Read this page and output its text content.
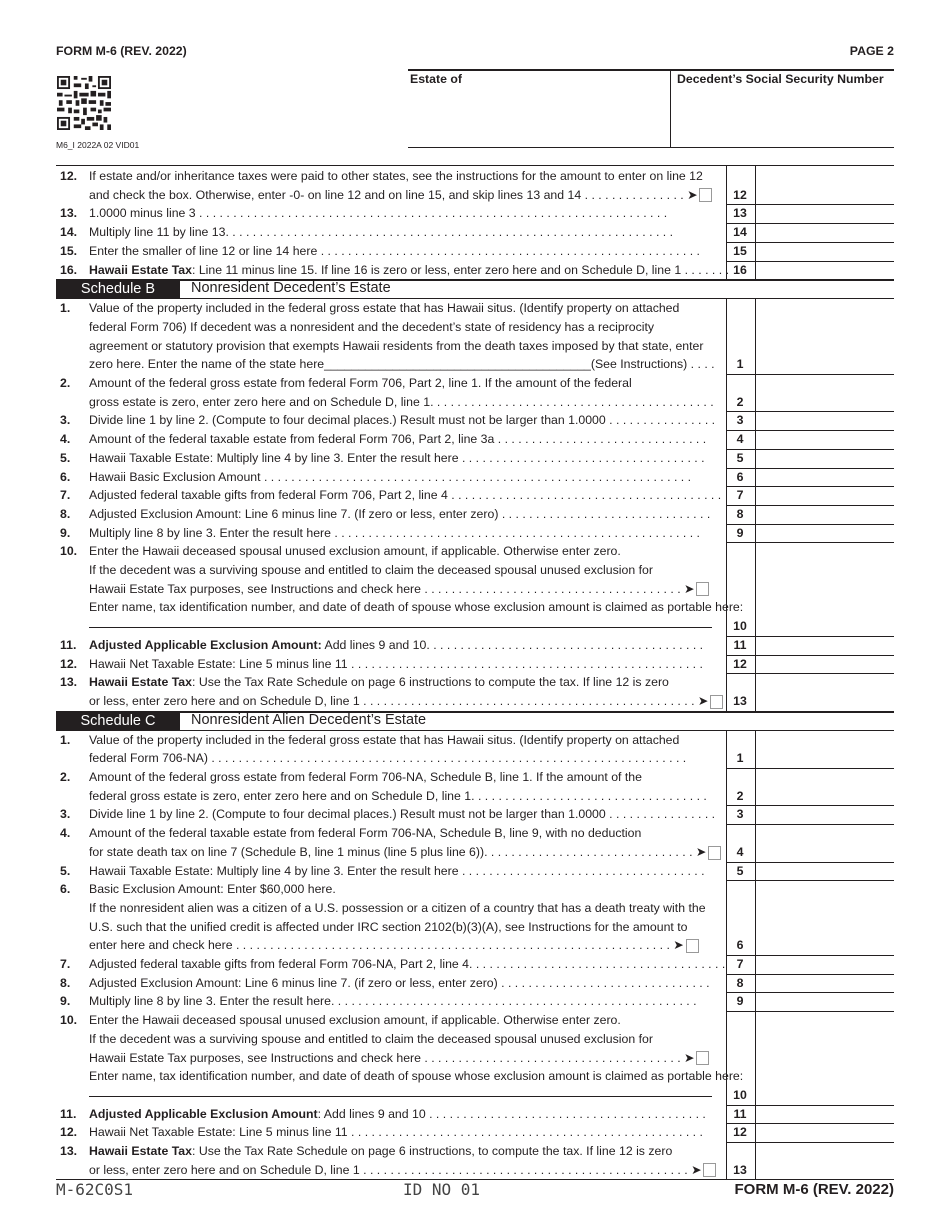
FORM M-6 (REV. 2022)	PAGE 2
M6_I 2022A 02 VID01
Estate of	Decedent’s Social Security Number
12. If estate and/or inheritance taxes were paid to other states, see the instructions for the amount to enter on line 12
and check the box. Otherwise, enter -0- on line 12 and on line 15, and skip lines 13 and 14 . . . . . . . . . . . . . . . ➤	12
13. 1.0000 minus line 3 . . . . . . . . . . . . . . . . . . . . . . . . . . . . . . . . . . . . . . . . . . . . . . . . . . . . . . . . . . . . . . . . . . . . .	13
14. Multiply line 11 by line 13. . . . . . . . . . . . . . . . . . . . . . . . . . . . . . . . . . . . . . . . . . . . . . . . . . . . . . . . . . . . . . . . . .	14
15. Enter the smaller of line 12 or line 14 here . . . . . . . . . . . . . . . . . . . . . . . . . . . . . . . . . . . . . . . . . . . . . . . . . . . . . . . .	15
16. Hawaii Estate Tax: Line 11 minus line 15. If line 16 is zero or less, enter zero here and on Schedule D, line 1 . . . . . . . 16
Schedule B	Nonresident Decedent’s Estate
1. Value of the property included in the federal gross estate that has Hawaii situs. (Identify property on attached
federal Form 706) If decedent was a nonresident and the decedent’s state of residency has a reciprocity
agreement or statutory provision that exempts Hawaii residents from the death taxes imposed by that state, enter
zero here. Enter the name of the state here_______________________________________(See Instructions) . . . .	1
2. Amount of the federal gross estate from federal Form 706, Part 2, line 1. If the amount of the federal
gross estate is zero, enter zero here and on Schedule D, line 1. . . . . . . . . . . . . . . . . . . . . . . . . . . . . . . . . . . . . . . . . .	2
3. Divide line 1 by line 2. (Compute to four decimal places.) Result must not be larger than 1.0000 . . . . . . . . . . . . . . . .	3
4. Amount of the federal taxable estate from federal Form 706, Part 2, line 3a . . . . . . . . . . . . . . . . . . . . . . . . . . . . . . .	4
5. Hawaii Taxable Estate: Multiply line 4 by line 3. Enter the result here . . . . . . . . . . . . . . . . . . . . . . . . . . . . . . . . . . . .	5
6. Hawaii Basic Exclusion Amount . . . . . . . . . . . . . . . . . . . . . . . . . . . . . . . . . . . . . . . . . . . . . . . . . . . . . . . . . . . . . . .	6
7. Adjusted federal taxable gifts from federal Form 706, Part 2, line 4 . . . . . . . . . . . . . . . . . . . . . . . . . . . . . . . . . . . . . . . .	7
8. Adjusted Exclusion Amount: Line 6 minus line 7. (If zero or less, enter zero) . . . . . . . . . . . . . . . . . . . . . . . . . . . . . . .	8
9. Multiply line 8 by line 3. Enter the result here . . . . . . . . . . . . . . . . . . . . . . . . . . . . . . . . . . . . . . . . . . . . . . . . . . . . . .	9
10. Enter the Hawaii deceased spousal unused exclusion amount, if applicable. Otherwise enter zero.
If the decedent was a surviving spouse and entitled to claim the deceased spousal unused exclusion for
Hawaii Estate Tax purposes, see Instructions and check here . . . . . . . . . . . . . . . . . . . . . . . . . . . . . . . . . . . . . . ➤
Enter name, tax identification number, and date of death of spouse whose exclusion amount is claimed as portable here:
10
11. Adjusted Applicable Exclusion Amount: Add lines 9 and 10. . . . . . . . . . . . . . . . . . . . . . . . . . . . . . . . . . . . . . . . .	11
12. Hawaii Net Taxable Estate: Line 5 minus line 11 . . . . . . . . . . . . . . . . . . . . . . . . . . . . . . . . . . . . . . . . . . . . . . . . . . . .	12
13. Hawaii Estate Tax: Use the Tax Rate Schedule on page 6 instructions to compute the tax. If line 12 is zero
or less, enter zero here and on Schedule D, line 1 . . . . . . . . . . . . . . . . . . . . . . . . . . . . . . . . . . . . . . . . . . . . . . . . . ➤	13
Schedule C	Nonresident Alien Decedent’s Estate
1. Value of the property included in the federal gross estate that has Hawaii situs. (Identify property on attached
federal Form 706-NA) . . . . . . . . . . . . . . . . . . . . . . . . . . . . . . . . . . . . . . . . . . . . . . . . . . . . . . . . . . . . . . . . . . . . . .	1
2. Amount of the federal gross estate from federal Form 706-NA, Schedule B, line 1. If the amount of the
federal gross estate is zero, enter zero here and on Schedule D, line 1. . . . . . . . . . . . . . . . . . . . . . . . . . . . . . . . . . .	2
3. Divide line 1 by line 2. (Compute to four decimal places.) Result must not be larger than 1.0000 . . . . . . . . . . . . . . . .	3
4. Amount of the federal taxable estate from federal Form 706-NA, Schedule B, line 9, with no deduction
for state death tax on line 7 (Schedule B, line 1 minus (line 5 plus line 6)). . . . . . . . . . . . . . . . . . . . . . . . . . . . . . . ➤	4
5. Hawaii Taxable Estate: Multiply line 4 by line 3. Enter the result here . . . . . . . . . . . . . . . . . . . . . . . . . . . . . . . . . . . .	5
6. Basic Exclusion Amount: Enter $60,000 here.
If the nonresident alien was a citizen of a U.S. possession or a citizen of a country that has a death treaty with the
U.S. such that the unified credit is affected under IRC section 2102(b)(3)(A), see Instructions for the amount to
enter here and check here . . . . . . . . . . . . . . . . . . . . . . . . . . . . . . . . . . . . . . . . . . . . . . . . . . . . . . . . . . . . . . . . ➤	6
7. Adjusted federal taxable gifts from federal Form 706-NA, Part 2, line 4. . . . . . . . . . . . . . . . . . . . . . . . . . . . . . . . . . . . . . 7
8. Adjusted Exclusion Amount: Line 6 minus line 7. (if zero or less, enter zero) . . . . . . . . . . . . . . . . . . . . . . . . . . . . . . .	8
9. Multiply line 8 by line 3. Enter the result here. . . . . . . . . . . . . . . . . . . . . . . . . . . . . . . . . . . . . . . . . . . . . . . . . . . . . .	9
10. Enter the Hawaii deceased spousal unused exclusion amount, if applicable. Otherwise enter zero.
If the decedent was a surviving spouse and entitled to claim the deceased spousal unused exclusion for
Hawaii Estate Tax purposes, see Instructions and check here . . . . . . . . . . . . . . . . . . . . . . . . . . . . . . . . . . . . . . ➤
Enter name, tax identification number, and date of death of spouse whose exclusion amount is claimed as portable here:
10
11. Adjusted Applicable Exclusion Amount: Add lines 9 and 10 . . . . . . . . . . . . . . . . . . . . . . . . . . . . . . . . . . . . . . . . .	11
12. Hawaii Net Taxable Estate: Line 5 minus line 11 . . . . . . . . . . . . . . . . . . . . . . . . . . . . . . . . . . . . . . . . . . . . . . . . . . . .	12
13. Hawaii Estate Tax: Use the Tax Rate Schedule on page 6 instructions, to compute the tax. If line 12 is zero
or less, enter zero here and on Schedule D, line 1 . . . . . . . . . . . . . . . . . . . . . . . . . . . . . . . . . . . . . . . . . . . . . . . . ➤	13
M-62C0S1	ID NO 01	FORM M-6 (REV. 2022)
